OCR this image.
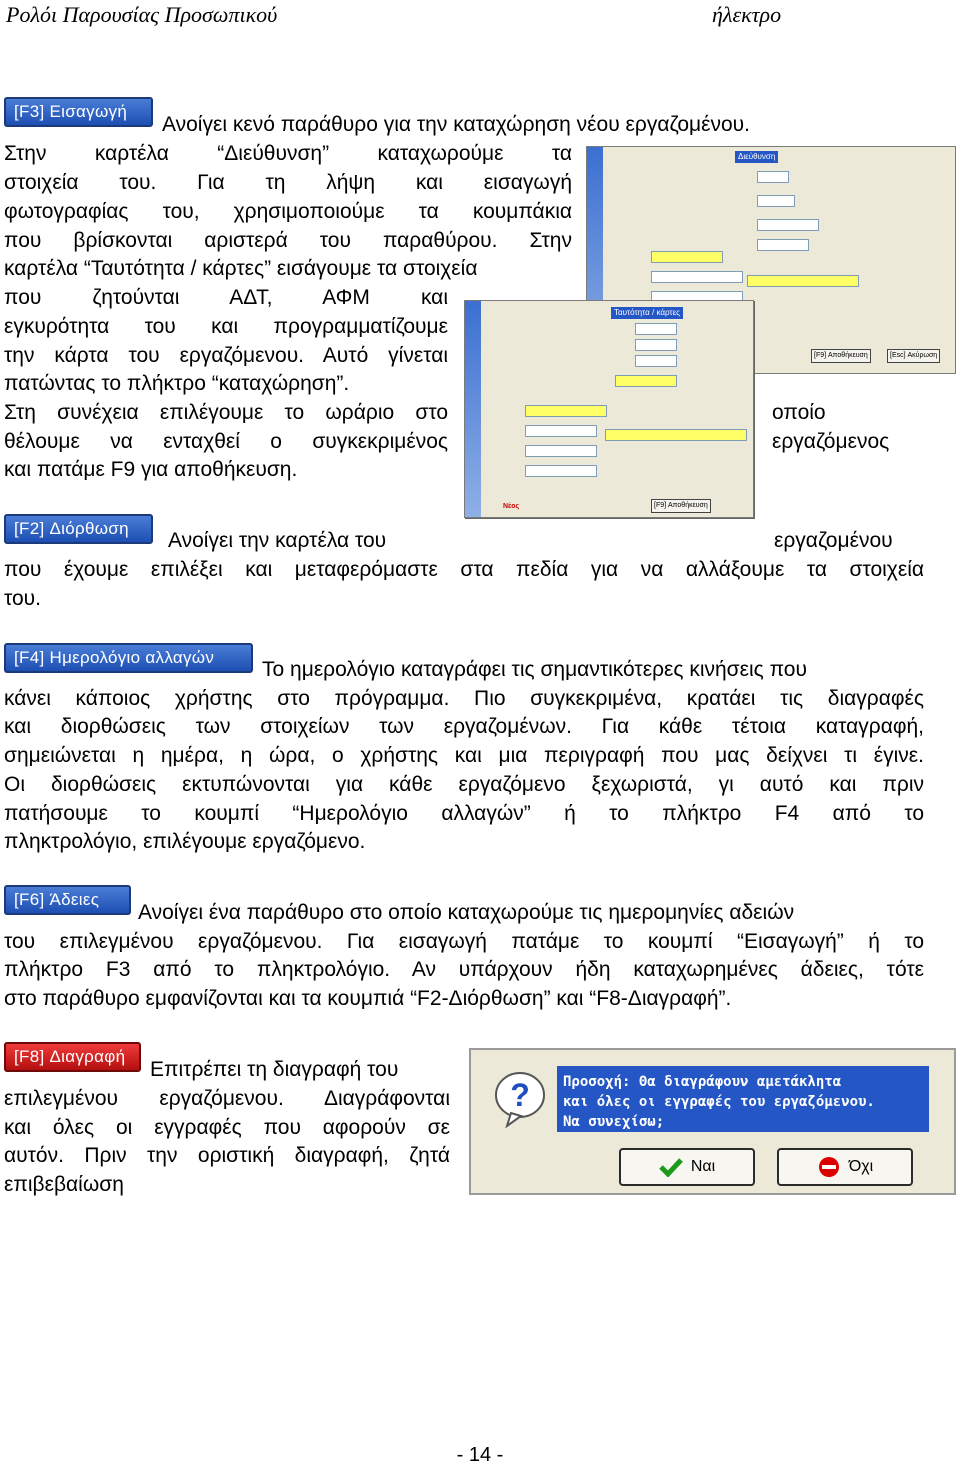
Ρολόι Παρουσίας Προσωπικού	ήλεκτρο
[F3] Εισαγωγή

Ανοίγει κενό παράθυρο για την καταχώρηση νέου εργαζομένου.

Στην καρτέλα “Διεύθυνση” καταχωρούμε τα

στοιχεία του. Για τη λήψη και εισαγωγή

φωτογραφίας του, χρησιμοποιούμε τα κουμπάκια

που βρίσκονται αριστερά του παραθύρου. Στην

καρτέλα “Ταυτότητα / κάρτες” εισάγουμε τα στοιχεία

που ζητούνται ΑΔΤ, ΑΦΜ και

εγκυρότητα του και προγραμματίζουμε

την κάρτα του εργαζόμενου. Αυτό γίνεται

πατώντας το πλήκτρο “καταχώρηση”.

Στη συνέχεια επιλέγουμε το ωράριο στο	οποίο

θέλουμε να ενταχθεί ο συγκεκριμένος	εργαζόμενος

και πατάμε F9 για αποθήκευση.

Διεύθυνση
[F9] Αποθήκευση	[Esc] Ακύρωση
Ταυτότητα / κάρτες
[F9] Αποθήκευση
Νέος
[F2] Διόρθωση

Ανοίγει την καρτέλα του	εργαζομένου

που έχουμε επιλέξει και μεταφερόμαστε στα πεδία για να αλλάξουμε τα στοιχεία

του.

[F4] Ημερολόγιο αλλαγών

Το ημερολόγιο καταγράφει τις σημαντικότερες κινήσεις που

κάνει κάποιος χρήστης στο πρόγραμμα. Πιο συγκεκριμένα, κρατάει τις διαγραφές

και διορθώσεις των στοιχείων των εργαζομένων. Για κάθε τέτοια καταγραφή,

σημειώνεται η ημέρα, η ώρα, ο χρήστης και μια περιγραφή που μας δείχνει τι έγινε.

Οι διορθώσεις εκτυπώνονται για κάθε εργαζόμενο ξεχωριστά, γι αυτό και πριν

πατήσουμε το κουμπί “Ημερολόγιο αλλαγών” ή το πλήκτρο F4 από το

πληκτρολόγιο, επιλέγουμε εργαζόμενο.

[F6] Άδειες

Ανοίγει ένα παράθυρο στο οποίο καταχωρούμε τις ημερομηνίες αδειών

του επιλεγμένου εργαζόμενου. Για εισαγωγή πατάμε το κουμπί “Εισαγωγή” ή το

πλήκτρο F3 από το πληκτρολόγιο. Αν υπάρχουν ήδη καταχωρημένες άδειες, τότε

στο παράθυρο εμφανίζονται και τα κουμπιά “F2-Διόρθωση” και “F8-Διαγραφή”.

[F8] Διαγραφή

Επιτρέπει τη διαγραφή του

επιλεγμένου εργαζόμενου. Διαγράφονται

και όλες οι εγγραφές που αφορούν σε

αυτόν. Πριν την οριστική διαγραφή, ζητά

επιβεβαίωση

? Προσοχή: Θα διαγράφουν αμετάκλητα
και όλες οι εγγραφές του εργαζόμενου.
Να συνεχίσω;
Ναι	Όχι
- 14 -
